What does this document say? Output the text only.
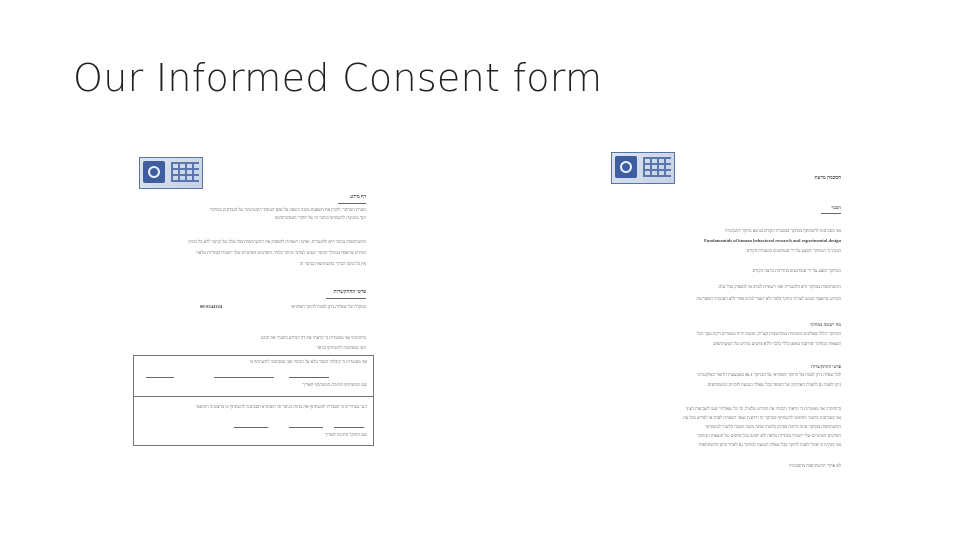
Our Informed Consent form

דף מידע

מטרת המחקר: להבין את השפעת מבנה השפה על אופן העיבוד הקוגניטיבי של הנבדקים במחקר

הנך מוזמן/ת להשתתף בניסוי זה של חוקרי האוניברסיטה

ההשתתפות בניסוי היא וולונטרית, ואת/ה רשאי/ת להפסיק את ההשתתפות בכל שלב של הניסוי ללא כל נימוק

המידע שייאסף במהלך הניסוי ישמש לצורכי מחקר בלבד, והפרטים האישיים שלך יישמרו בסודיות מלאה

אין כל סיכון הכרוך בהשתתפות בניסוי זה

פרטי ההתקשרות

08-9344324	במקרה של שאלות ניתן לפנות לחוקר האחראי

בחתימתי אני מאשר/ת כי קראתי את דף המידע והבנתי את תוכנו

הנני מסכים/ה להשתתף בניסוי

אני מאשר/ת כי קיבלתי הסבר מלא על הניסוי ואני מסכים/ה להשתתף בו

שם המשתתף חתימת המשתתף תאריך

הנני מצהיר/ה כי הסברתי למשתתף את מהות הניסוי וכי הוא/היא הסכים/ה להשתתף בו מרצונו/ה החופשי

שם החוקר חתימה תאריך

הסכמה מדעת

הסבר

אני מסכים/ה להשתתף במחקר במסגרת הקורס בנושא מחקר התנהגותי

Fundamentals of human behavioral research and experimental design

הבנתי כי המחקר יתבצע על ידי סטודנטים במסגרת הקורס

המחקר יבוצע על ידי סטודנטים בהדרכת מרצה הקורס

ההשתתפות במחקר היא וולונטרית ואני רשאי/ת לסרב או להפסיק בכל שלב

המידע שייאסף ישמש לצורכי מחקר בלבד ולא יועבר לגורם אחר ללא הסכמתי המפורשת

מה ייעשה במחקר

המחקר יכלול שאלונים ומשימות ממוחשבות קצרות, ומשכו יהיה כעשרים דקות בסך הכל

תוצאות המחקר יפורסמו באופן כללי בלבד וללא פרטים מזהים של המשתתפים

פרטי ההתקשרות

לכל שאלה ניתן לפנות אל החוקר האחראי על המחקר 36.1 באמצעות הדואר האלקטרוני

ניתן לפנות גם לוועדת האתיקה של המוסד בכל שאלה הנוגעת לזכויות המשתתפים

בחתימתי אני מאשר/ת כי קראתי והבנתי את המידע שלעיל, וכי כל שאלותיי נענו לשביעות רצוני

אני מסכים/ה מרצוני החופשי להשתתף במחקר זה ויודע/ת שאני רשאי/ת לסרב או לפרוש בכל עת

ההשתתפות במחקר אינה כרוכה בסיכון כלשהו ואינה מקנה הטבה כלשהי למשתתף

הפרטים האישיים שלי יישמרו בסודיות מלאה ולא יופיעו בכל פרסום של תוצאות המחקר

אני מבין/ה כי אוכל לפנות לחוקר בכל שאלה הנוגעת למחקר גם לאחר סיום ההשתתפות

לא אחרי ההשתתפות בהסכמתי
